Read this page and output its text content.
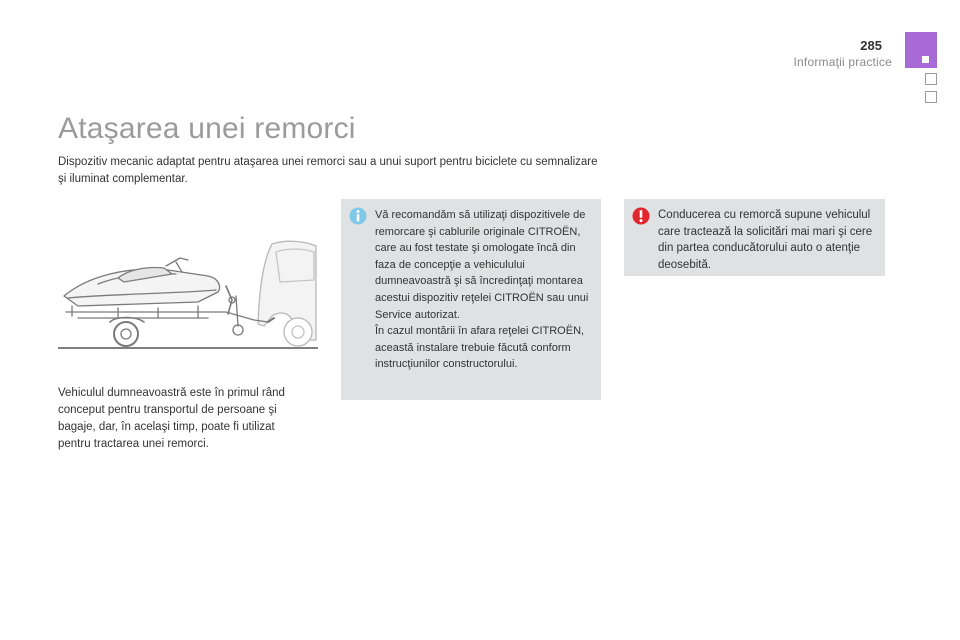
285
Informaţii practice
Ataşarea unei remorci
Dispozitiv mecanic adaptat pentru ataşarea unei remorci sau a unui suport pentru biciclete cu semnalizare şi iluminat complementar.
Vehiculul dumneavoastră este în primul rând conceput pentru transportul de persoane şi bagaje, dar, în acelaşi timp, poate fi utilizat pentru tractarea unei remorci.

Vă recomandăm să utilizaţi dispozitivele de remorcare şi cablurile originale CITROËN, care au fost testate şi omologate încă din faza de concepţie a vehiculului dumneavoastră şi să încredinţaţi montarea acestui dispozitiv reţelei CITROËN sau unui Service autorizat.

În cazul montării în afara reţelei CITROËN, această instalare trebuie făcută conform instrucţiunilor constructorului.

Conducerea cu remorcă supune vehiculul care tractează la solicitări mai mari şi cere din partea conducătorului auto o atenţie deosebită.
